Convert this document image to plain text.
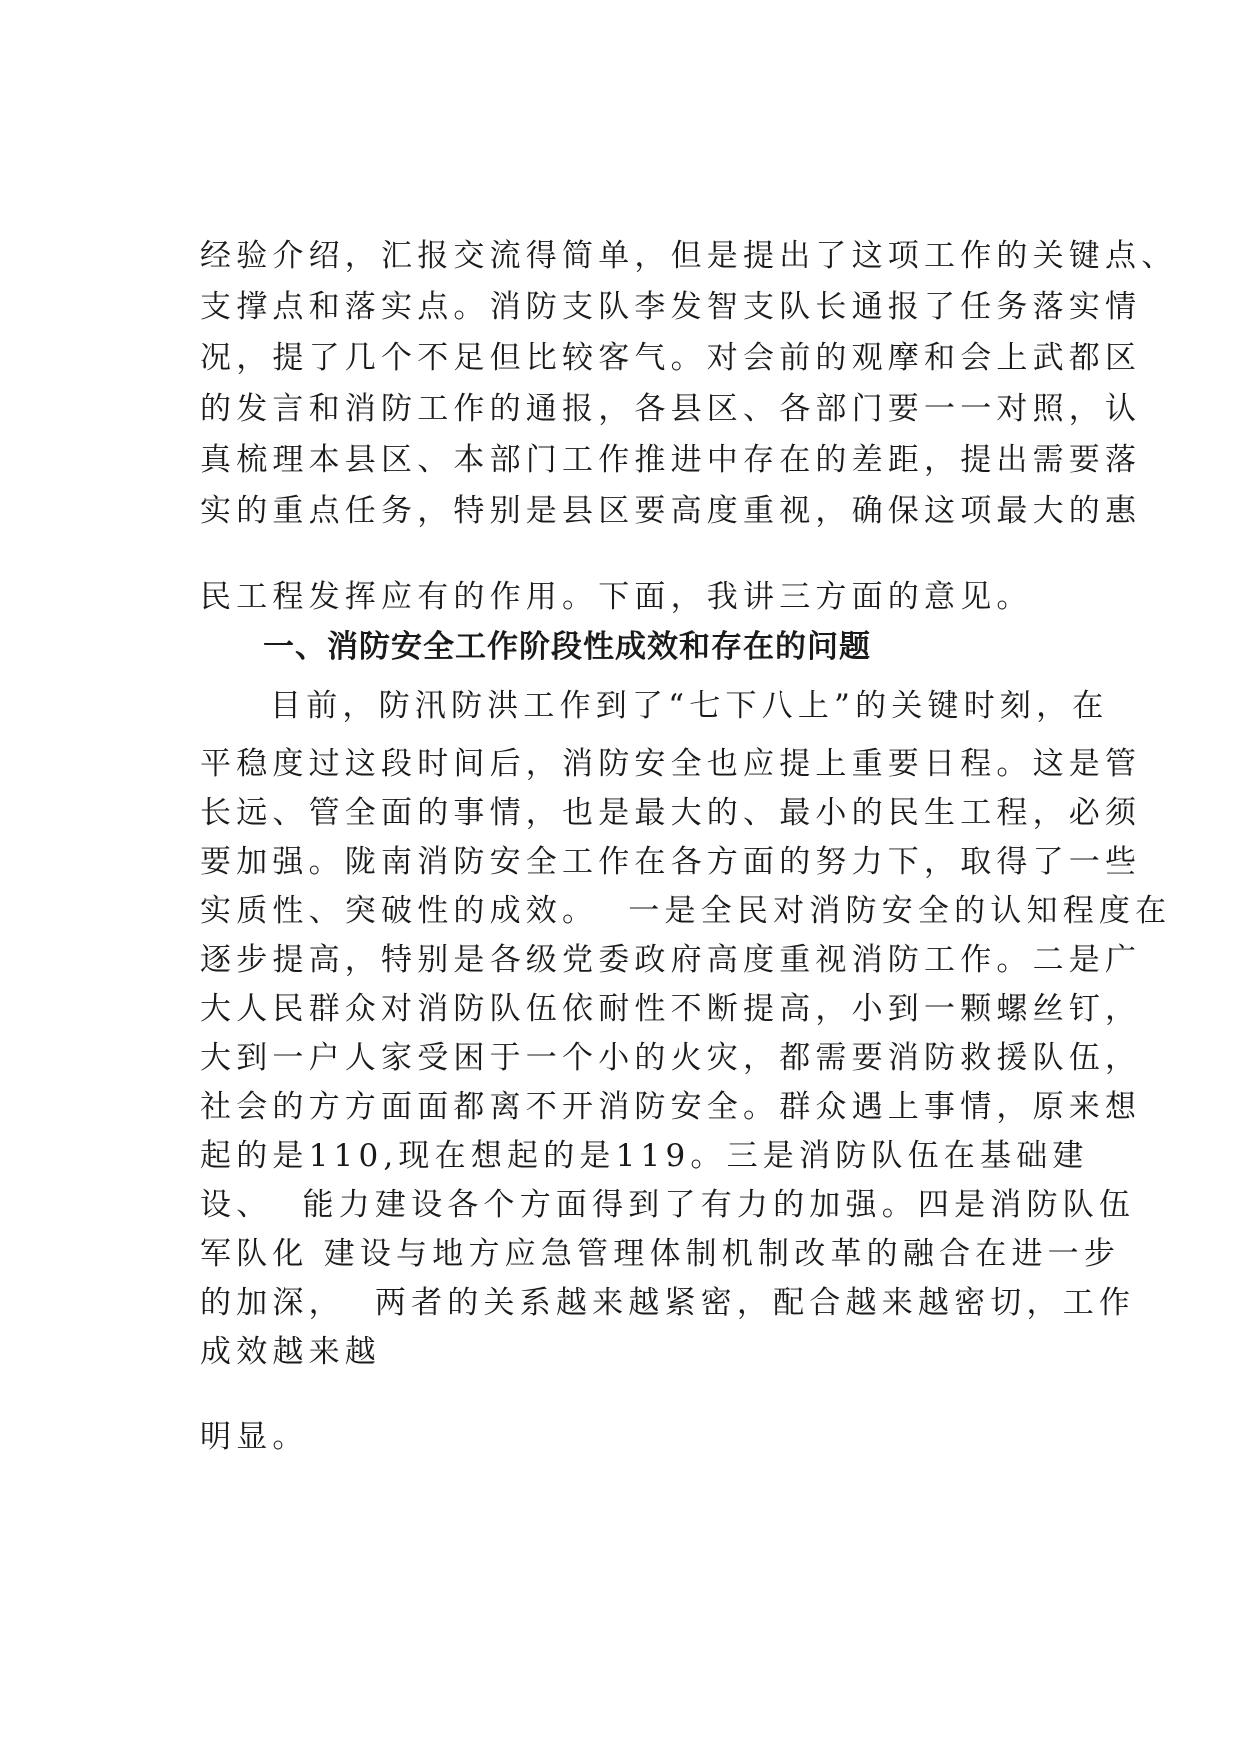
经验介绍，汇报交流得简单，但是提出了这项工作的关键点、
支撑点和落实点。消防支队李发智支队长通报了任务落实情
况，提了几个不足但比较客气。对会前的观摩和会上武都区
的发言和消防工作的通报，各县区、各部门要一一对照，认
真梳理本县区、本部门工作推进中存在的差距，提出需要落
实的重点任务，特别是县区要高度重视，确保这项最大的惠
民工程发挥应有的作用。下面，我讲三方面的意见。
一、消防安全工作阶段性成效和存在的问题
目前，防汛防洪工作到了“七下八上”的关键时刻，在
平稳度过这段时间后，消防安全也应提上重要日程。这是管
长远、管全面的事情，也是最大的、最小的民生工程，必须
要加强。陇南消防安全工作在各方面的努力下，取得了一些
实质性、突破性的成效。  一是全民对消防安全的认知程度在
逐步提高，特别是各级党委政府高度重视消防工作。二是广
大人民群众对消防队伍依耐性不断提高，小到一颗螺丝钉，
大到一户人家受困于一个小的火灾，都需要消防救援队伍，
社会的方方面面都离不开消防安全。群众遇上事情，原来想
起的是110,现在想起的是119。三是消防队伍在基础建
设、  能力建设各个方面得到了有力的加强。四是消防队伍
军队化 建设与地方应急管理体制机制改革的融合在进一步
的加深，  两者的关系越来越紧密，配合越来越密切，工作
成效越来越
明显。
